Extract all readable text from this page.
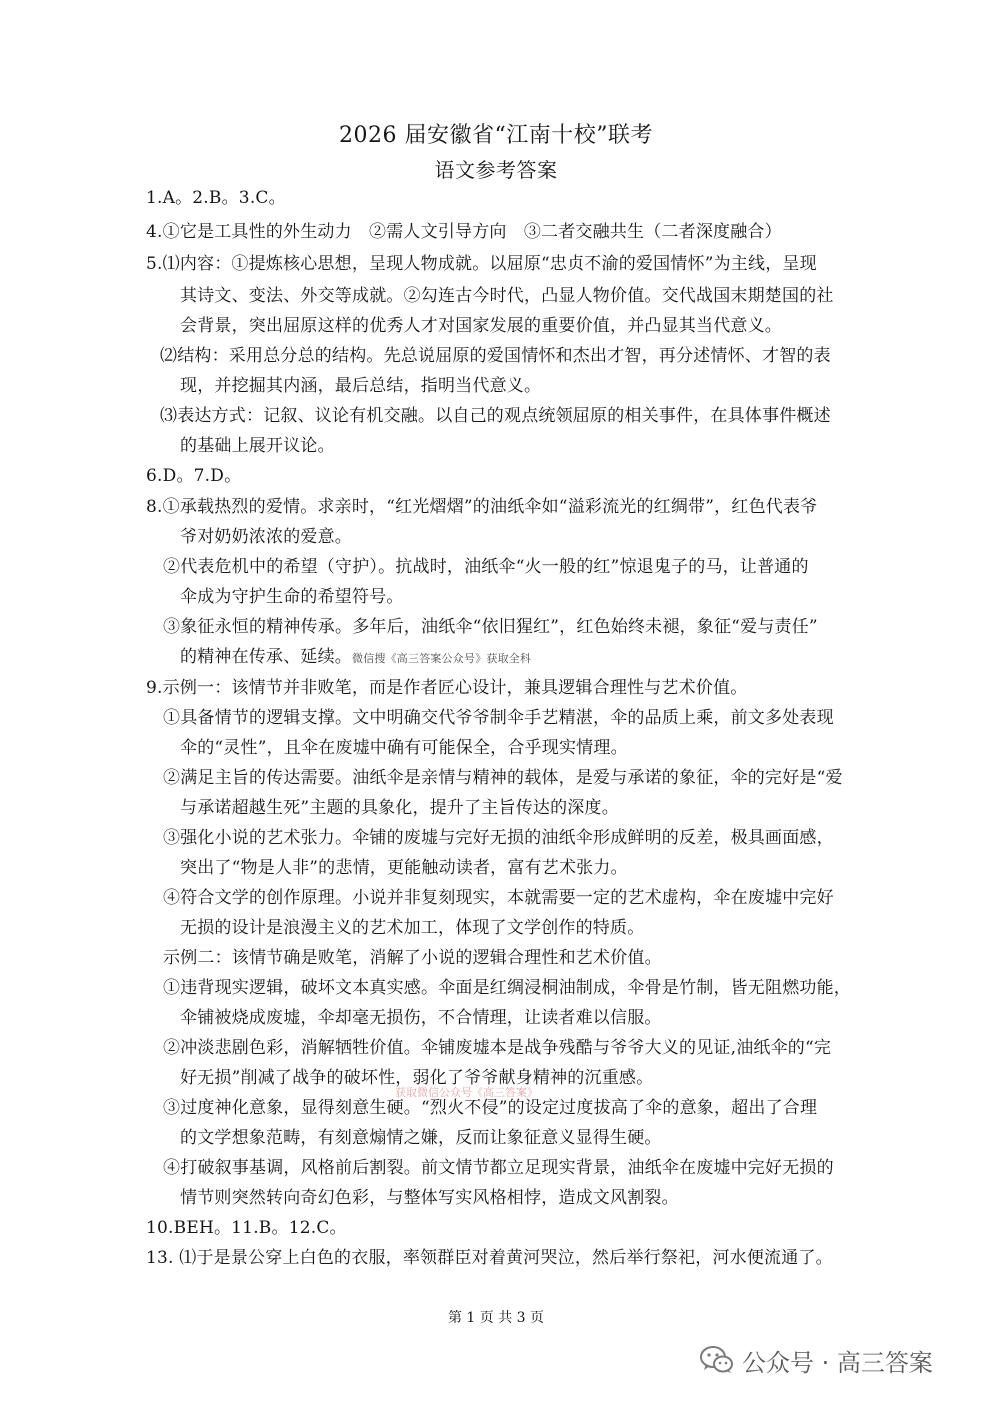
2026 届安徽省“江南十校”联考
语文参考答案
1.A。2.B。3.C。
4.①它是工具性的外生动力　②需人文引导方向　③二者交融共生（二者深度融合）
5.⑴内容：①提炼核心思想，呈现人物成就。以屈原“忠贞不渝的爱国情怀”为主线，呈现
其诗文、变法、外交等成就。②勾连古今时代，凸显人物价值。交代战国末期楚国的社
会背景，突出屈原这样的优秀人才对国家发展的重要价值，并凸显其当代意义。
⑵结构：采用总分总的结构。先总说屈原的爱国情怀和杰出才智，再分述情怀、才智的表
现，并挖掘其内涵，最后总结，指明当代意义。
⑶表达方式：记叙、议论有机交融。以自己的观点统领屈原的相关事件，在具体事件概述
的基础上展开议论。
6.D。7.D。
8.①承载热烈的爱情。求亲时，“红光熠熠”的油纸伞如“溢彩流光的红绸带”，红色代表爷
爷对奶奶浓浓的爱意。
②代表危机中的希望（守护）。抗战时，油纸伞“火一般的红”惊退鬼子的马，让普通的
伞成为守护生命的希望符号。
③象征永恒的精神传承。多年后，油纸伞“依旧猩红”，红色始终未褪，象征“爱与责任”
的精神在传承、延续。微信搜《高三答案公众号》获取全科
9.示例一：该情节并非败笔，而是作者匠心设计，兼具逻辑合理性与艺术价值。
①具备情节的逻辑支撑。文中明确交代爷爷制伞手艺精湛，伞的品质上乘，前文多处表现
伞的“灵性”，且伞在废墟中确有可能保全，合乎现实情理。
②满足主旨的传达需要。油纸伞是亲情与精神的载体，是爱与承诺的象征，伞的完好是“爱
与承诺超越生死”主题的具象化，提升了主旨传达的深度。
③强化小说的艺术张力。伞铺的废墟与完好无损的油纸伞形成鲜明的反差，极具画面感，
突出了“物是人非”的悲情，更能触动读者，富有艺术张力。
④符合文学的创作原理。小说并非复刻现实，本就需要一定的艺术虚构，伞在废墟中完好
无损的设计是浪漫主义的艺术加工，体现了文学创作的特质。
示例二：该情节确是败笔，消解了小说的逻辑合理性和艺术价值。
①违背现实逻辑，破坏文本真实感。伞面是红绸浸桐油制成，伞骨是竹制，皆无阻燃功能，
伞铺被烧成废墟，伞却毫无损伤，不合情理，让读者难以信服。
②冲淡悲剧色彩，消解牺牲价值。伞铺废墟本是战争残酷与爷爷大义的见证,油纸伞的“完
好无损”削减了战争的破坏性，弱化了爷爷献身精神的沉重感。
获取微信公众号《高三答案》
③过度神化意象，显得刻意生硬。“烈火不侵”的设定过度拔高了伞的意象，超出了合理
的文学想象范畴，有刻意煽情之嫌，反而让象征意义显得生硬。
④打破叙事基调，风格前后割裂。前文情节都立足现实背景，油纸伞在废墟中完好无损的
情节则突然转向奇幻色彩，与整体写实风格相悖，造成文风割裂。
10.BEH。11.B。12.C。
13. ⑴于是景公穿上白色的衣服，率领群臣对着黄河哭泣，然后举行祭祀，河水便流通了。
第 1 页 共 3 页
公众号 · 高三答案
